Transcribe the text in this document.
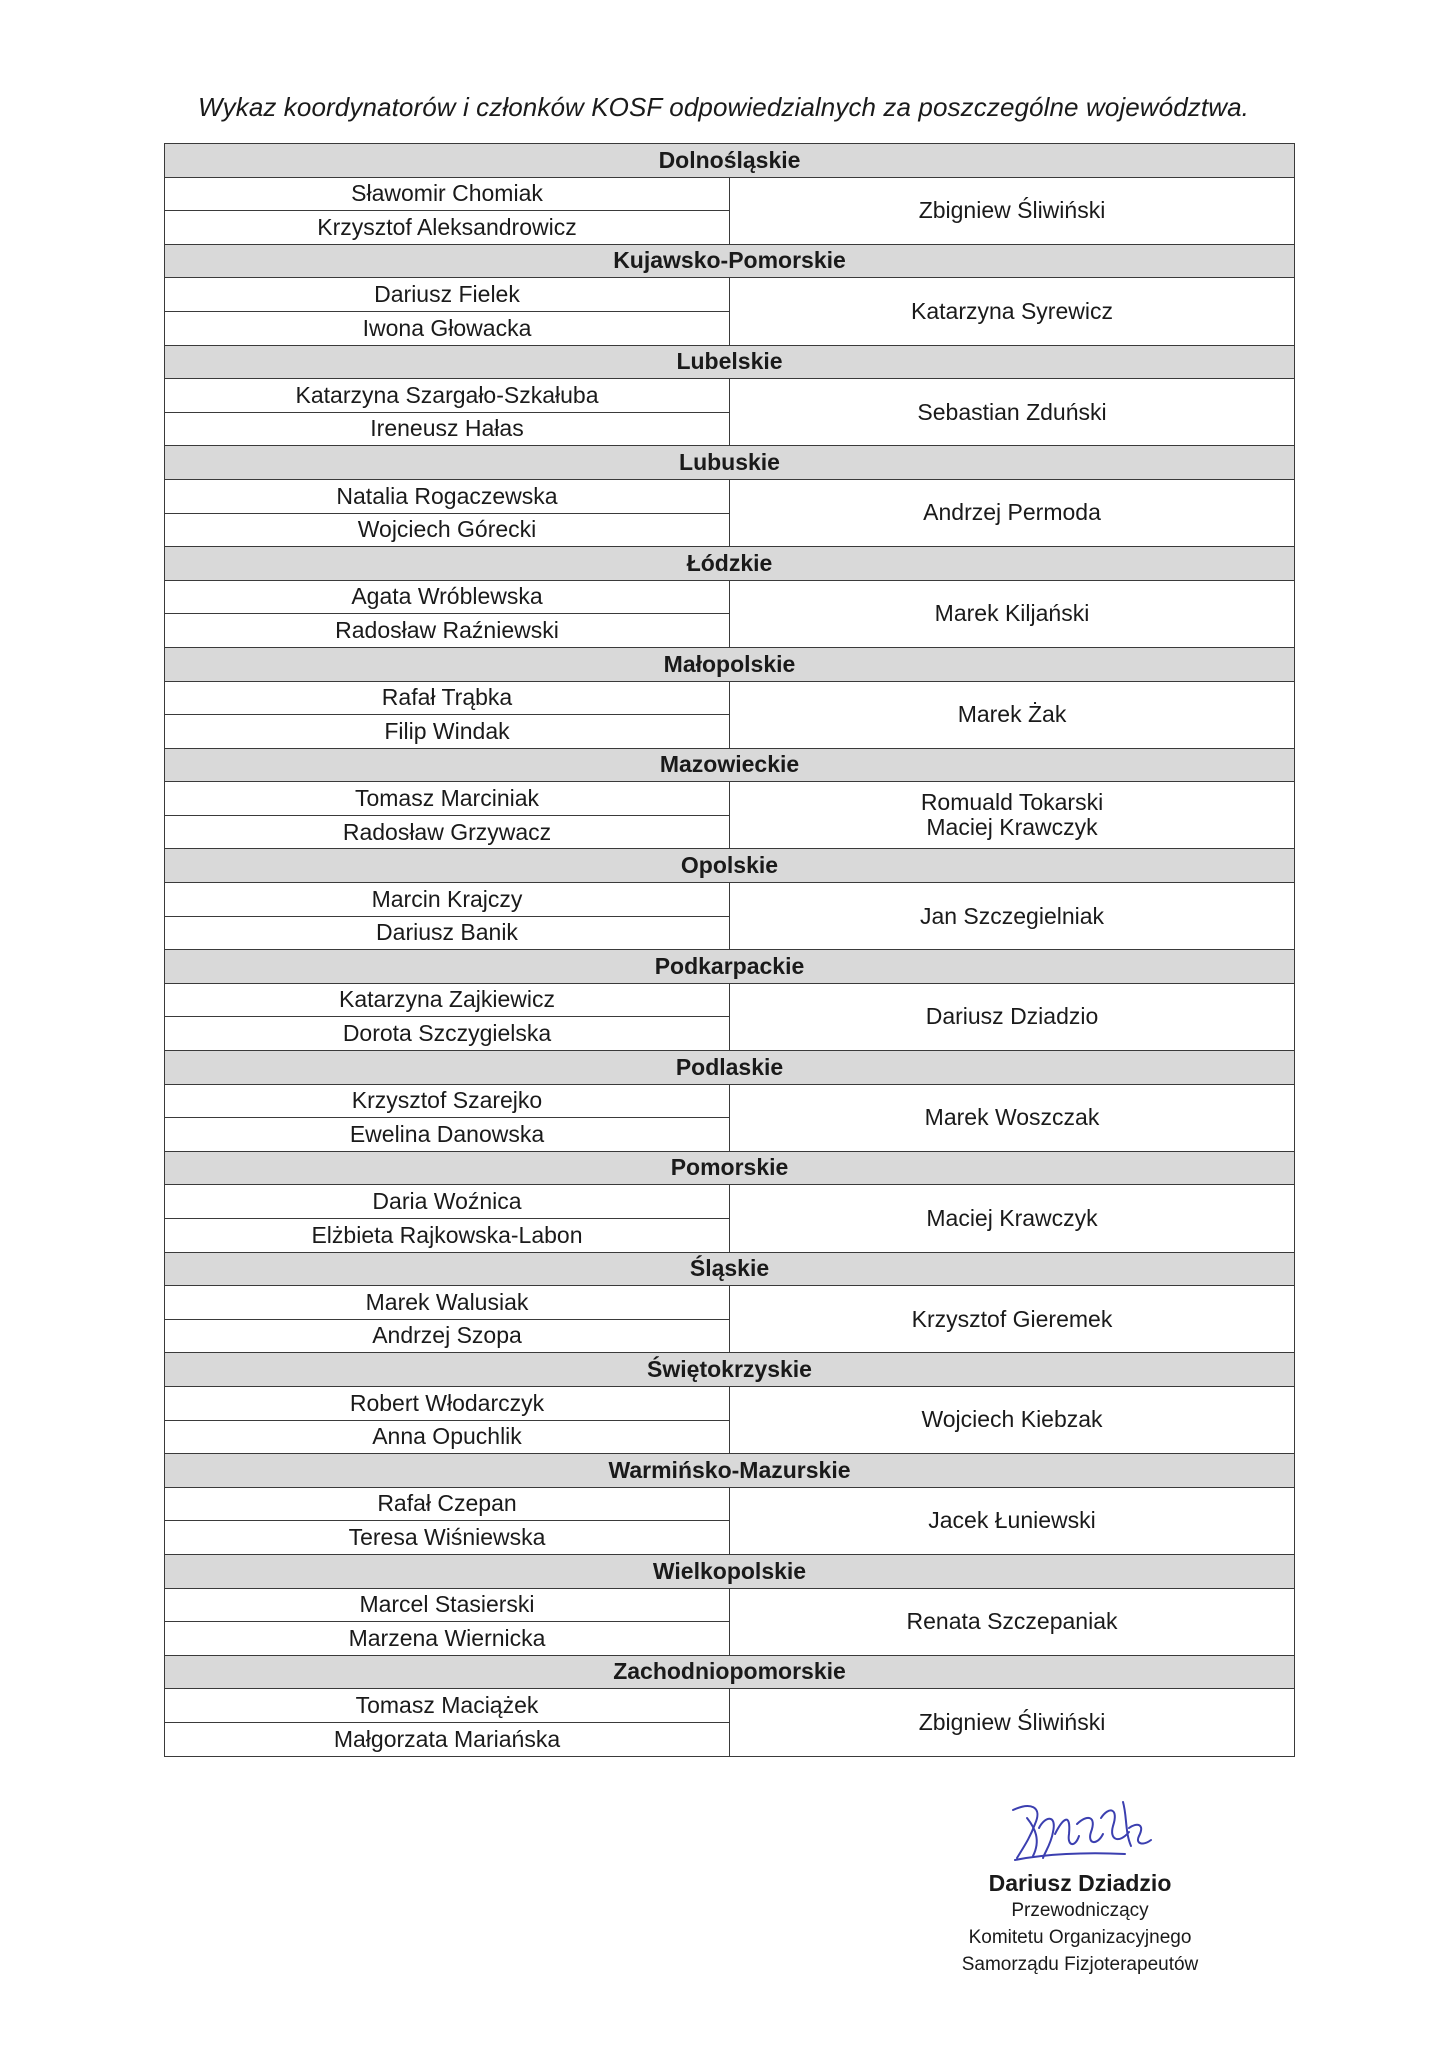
Wykaz koordynatorów i członków KOSF odpowiedzialnych za poszczególne województwa.
Dolnośląskie	
Sławomir Chomiak	Zbigniew Śliwiński

Krzysztof Aleksandrowicz	
Kujawsko-Pomorskie	
Dariusz Fielek	Katarzyna Syrewicz

Iwona Głowacka	
Lubelskie	
Katarzyna Szargało-Szkałuba	Sebastian Zduński

Ireneusz Hałas	
Lubuskie	
Natalia Rogaczewska	Andrzej Permoda

Wojciech Górecki	
Łódzkie	
Agata Wróblewska	Marek Kiljański

Radosław Raźniewski	
Małopolskie	
Rafał Trąbka	Marek Żak

Filip Windak	
Mazowieckie	
Tomasz Marciniak	Romuald Tokarski
Maciej Krawczyk

Radosław Grzywacz	
Opolskie	
Marcin Krajczy	Jan Szczegielniak

Dariusz Banik	
Podkarpackie	
Katarzyna Zajkiewicz	Dariusz Dziadzio

Dorota Szczygielska	
Podlaskie	
Krzysztof Szarejko	Marek Woszczak

Ewelina Danowska	
Pomorskie	
Daria Woźnica	Maciej Krawczyk

Elżbieta Rajkowska-Labon	
Śląskie	
Marek Walusiak	Krzysztof Gieremek

Andrzej Szopa	
Świętokrzyskie	
Robert Włodarczyk	Wojciech Kiebzak

Anna Opuchlik	
Warmińsko-Mazurskie	
Rafał Czepan	Jacek Łuniewski

Teresa Wiśniewska	
Wielkopolskie	
Marcel Stasierski	Renata Szczepaniak

Marzena Wiernicka	
Zachodniopomorskie	
Tomasz Maciążek	Zbigniew Śliwiński

Małgorzata Mariańska	
Dariusz Dziadzio
Przewodniczący
Komitetu Organizacyjnego
Samorządu Fizjoterapeutów
